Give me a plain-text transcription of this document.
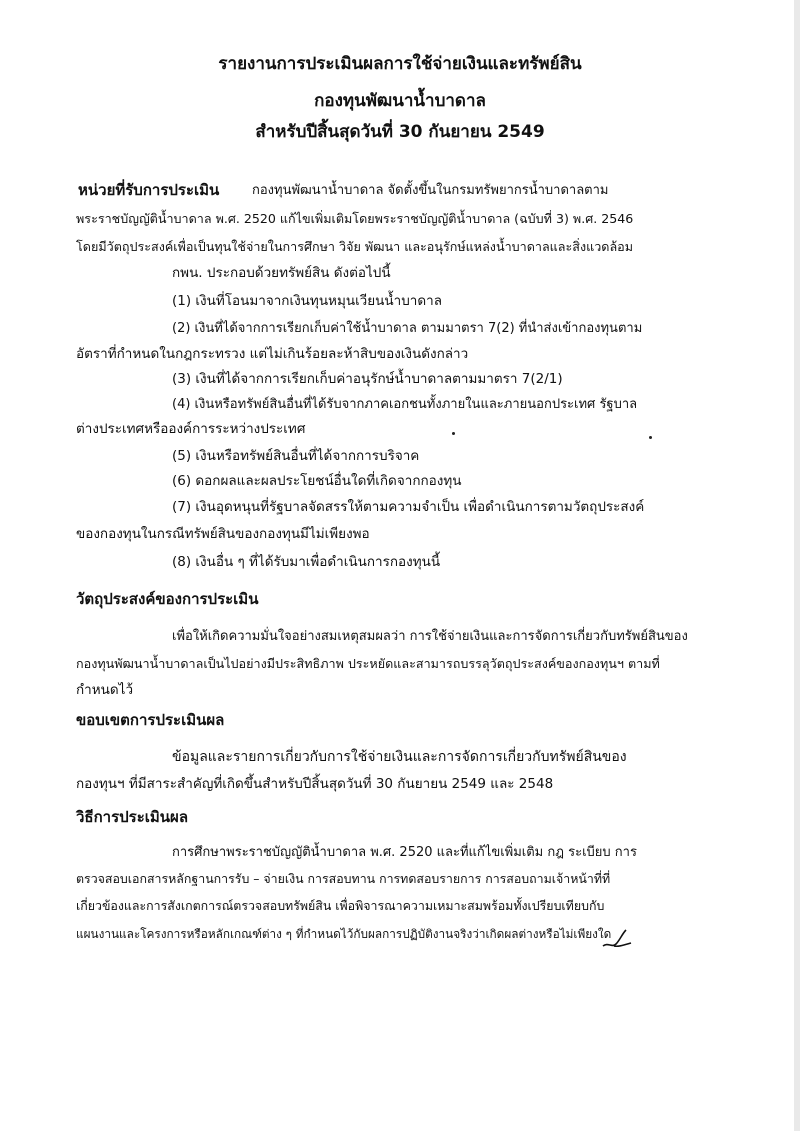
รายงานการประเมินผลการใช้จ่ายเงินและทรัพย์สิน
กองทุนพัฒนาน้ำบาดาล
สำหรับปีสิ้นสุดวันที่ 30 กันยายน 2549
หน่วยที่รับการประเมิน	กองทุนพัฒนาน้ำบาดาล จัดตั้งขึ้นในกรมทรัพยากรน้ำบาดาลตาม
พระราชบัญญัติน้ำบาดาล พ.ศ. 2520 แก้ไขเพิ่มเติมโดยพระราชบัญญัติน้ำบาดาล (ฉบับที่ 3) พ.ศ. 2546
โดยมีวัตถุประสงค์เพื่อเป็นทุนใช้จ่ายในการศึกษา วิจัย พัฒนา และอนุรักษ์แหล่งน้ำบาดาลและสิ่งแวดล้อม
กพน. ประกอบด้วยทรัพย์สิน ดังต่อไปนี้
(1) เงินที่โอนมาจากเงินทุนหมุนเวียนน้ำบาดาล
(2) เงินที่ได้จากการเรียกเก็บค่าใช้น้ำบาดาล ตามมาตรา 7(2) ที่นำส่งเข้ากองทุนตาม
อัตราที่กำหนดในกฎกระทรวง แต่ไม่เกินร้อยละห้าสิบของเงินดังกล่าว
(3) เงินที่ได้จากการเรียกเก็บค่าอนุรักษ์น้ำบาดาลตามมาตรา 7(2/1)
(4) เงินหรือทรัพย์สินอื่นที่ได้รับจากภาคเอกชนทั้งภายในและภายนอกประเทศ รัฐบาล
ต่างประเทศหรือองค์การระหว่างประเทศ
(5) เงินหรือทรัพย์สินอื่นที่ได้จากการบริจาค
(6) ดอกผลและผลประโยชน์อื่นใดที่เกิดจากกองทุน
(7) เงินอุดหนุนที่รัฐบาลจัดสรรให้ตามความจำเป็น เพื่อดำเนินการตามวัตถุประสงค์
ของกองทุนในกรณีทรัพย์สินของกองทุนมีไม่เพียงพอ
(8) เงินอื่น ๆ ที่ได้รับมาเพื่อดำเนินการกองทุนนี้
วัตถุประสงค์ของการประเมิน
เพื่อให้เกิดความมั่นใจอย่างสมเหตุสมผลว่า การใช้จ่ายเงินและการจัดการเกี่ยวกับทรัพย์สินของ
กองทุนพัฒนาน้ำบาดาลเป็นไปอย่างมีประสิทธิภาพ ประหยัดและสามารถบรรลุวัตถุประสงค์ของกองทุนฯ ตามที่
กำหนดไว้
ขอบเขตการประเมินผล
ข้อมูลและรายการเกี่ยวกับการใช้จ่ายเงินและการจัดการเกี่ยวกับทรัพย์สินของ
กองทุนฯ ที่มีสาระสำคัญที่เกิดขึ้นสำหรับปีสิ้นสุดวันที่ 30 กันยายน 2549 และ 2548
วิธีการประเมินผล
การศึกษาพระราชบัญญัติน้ำบาดาล พ.ศ. 2520 และที่แก้ไขเพิ่มเติม กฎ ระเบียบ การ
ตรวจสอบเอกสารหลักฐานการรับ – จ่ายเงิน การสอบทาน การทดสอบรายการ การสอบถามเจ้าหน้าที่ที่
เกี่ยวข้องและการสังเกตการณ์ตรวจสอบทรัพย์สิน เพื่อพิจารณาความเหมาะสมพร้อมทั้งเปรียบเทียบกับ
แผนงานและโครงการหรือหลักเกณฑ์ต่าง ๆ ที่กำหนดไว้กับผลการปฏิบัติงานจริงว่าเกิดผลต่างหรือไม่เพียงใด
